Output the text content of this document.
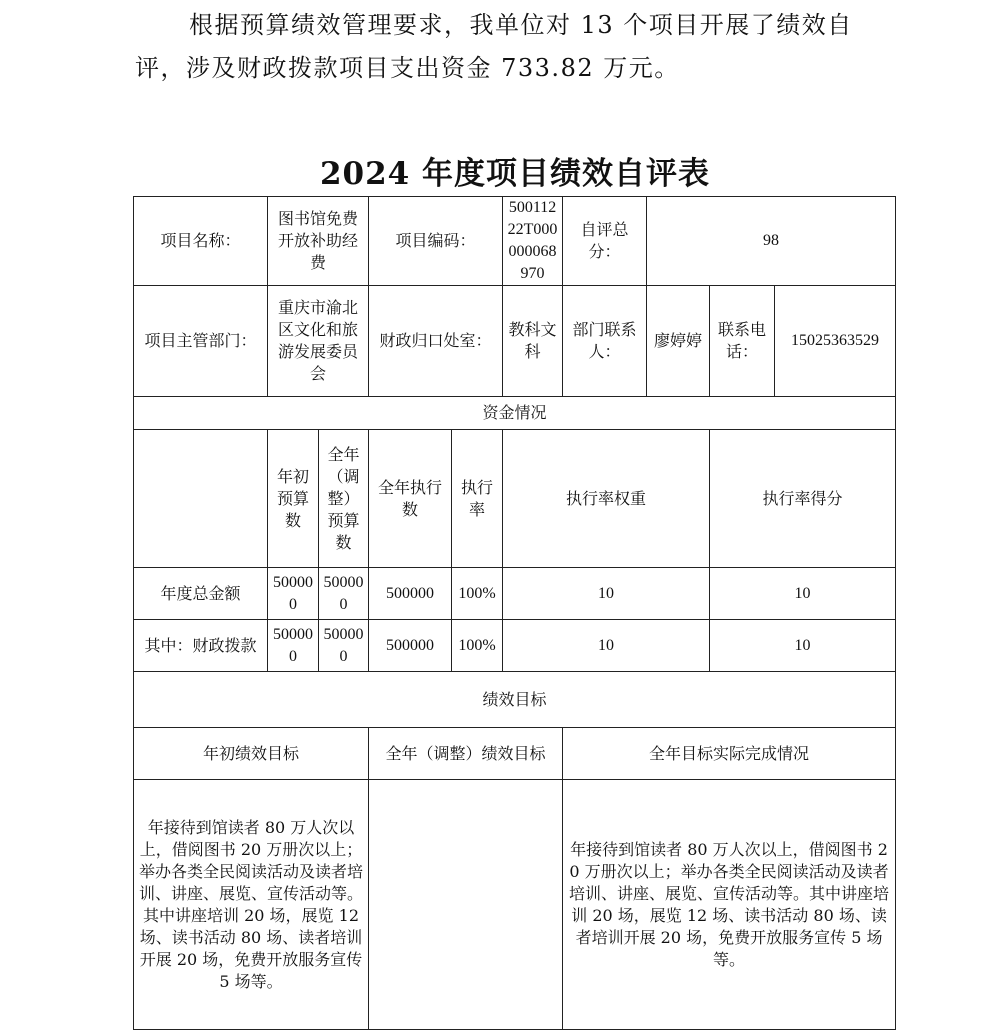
根据预算绩效管理要求，我单位对 13 个项目开展了绩效自评，涉及财政拨款项目支出资金 733.82 万元。

2024 年度项目绩效自评表

项目名称：	图书馆免费开放补助经费		项目编码：		50011222T000000068970	自评总分：	98		
项目主管部门：	重庆市渝北区文化和旅游发展委员会		财政归口处室：		教科文科	部门联系人：	廖婷婷	联系电话：	15025363529
资金情况									
	年初预算数	全年（调整）预算数	全年执行数	执行率	执行率权重			执行率得分	
年度总金额	500000	500000	500000	100%	10			10	
其中：财政拨款	500000	500000	500000	100%	10			10	
绩效目标									
年初绩效目标			全年（调整）绩效目标			全年目标实际完成情况			
年接待到馆读者 80 万人次以上，借阅图书 20 万册次以上；举办各类全民阅读活动及读者培训、讲座、展览、宣传活动等。其中讲座培训 20 场，展览 12 场、读书活动 80 场、读者培训开展 20 场，免费开放服务宣传 5 场等。						年接待到馆读者 80 万人次以上，借阅图书 20 万册次以上；举办各类全民阅读活动及读者培训、讲座、展览、宣传活动等。其中讲座培训 20 场，展览 12 场、读书活动 80 场、读者培训开展 20 场，免费开放服务宣传 5 场等。			
